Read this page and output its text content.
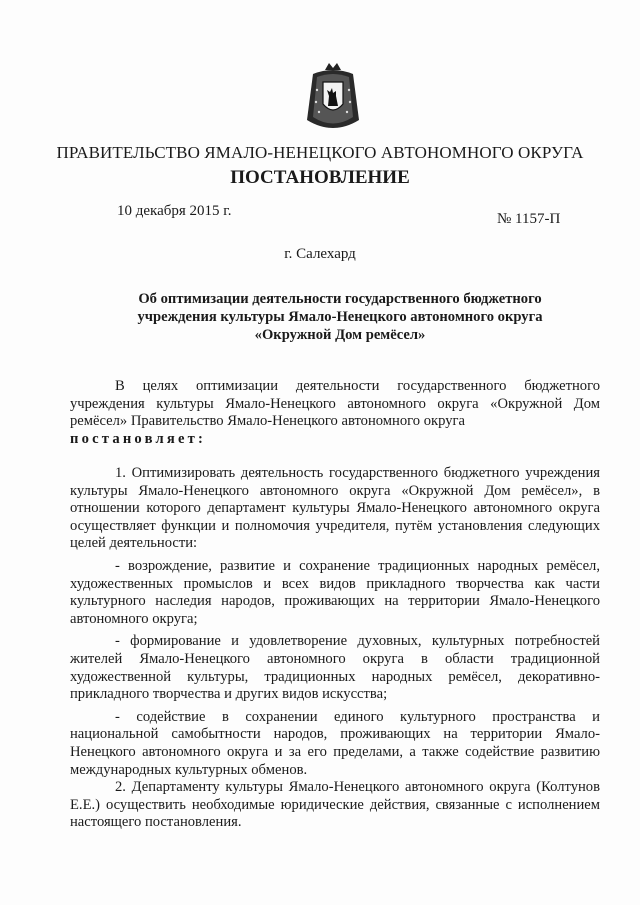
ПРАВИТЕЛЬСТВО ЯМАЛО-НЕНЕЦКОГО АВТОНОМНОГО ОКРУГА
ПОСТАНОВЛЕНИЕ
10 декабря 2015 г.	№ 1157-П
г. Салехард
Об оптимизации деятельности государственного бюджетного учреждения культуры Ямало-Ненецкого автономного округа «Окружной Дом ремёсел»

В целях оптимизации деятельности государственного бюджетного учреждения культуры Ямало-Ненецкого автономного округа «Окружной Дом ремёсел» Правительство Ямало-Ненецкого автономного округа
постановляет:

1. Оптимизировать деятельность государственного бюджетного учреждения культуры Ямало-Ненецкого автономного округа «Окружной Дом ремёсел», в отношении которого департамент культуры Ямало-Ненецкого автономного округа осуществляет функции и полномочия учредителя, путём установления следующих целей деятельности:

- возрождение, развитие и сохранение традиционных народных ремёсел, художественных промыслов и всех видов прикладного творчества как части культурного наследия народов, проживающих на территории Ямало-Ненецкого автономного округа;

- формирование и удовлетворение духовных, культурных потребностей жителей Ямало-Ненецкого автономного округа в области традиционной художественной культуры, традиционных народных ремёсел, декоративно-прикладного творчества и других видов искусства;

- содействие в сохранении единого культурного пространства и национальной самобытности народов, проживающих на территории Ямало-Ненецкого автономного округа и за его пределами, а также содействие развитию международных культурных обменов.

2. Департаменту культуры Ямало-Ненецкого автономного округа (Колтунов Е.Е.) осуществить необходимые юридические действия, связанные с исполнением настоящего постановления.
